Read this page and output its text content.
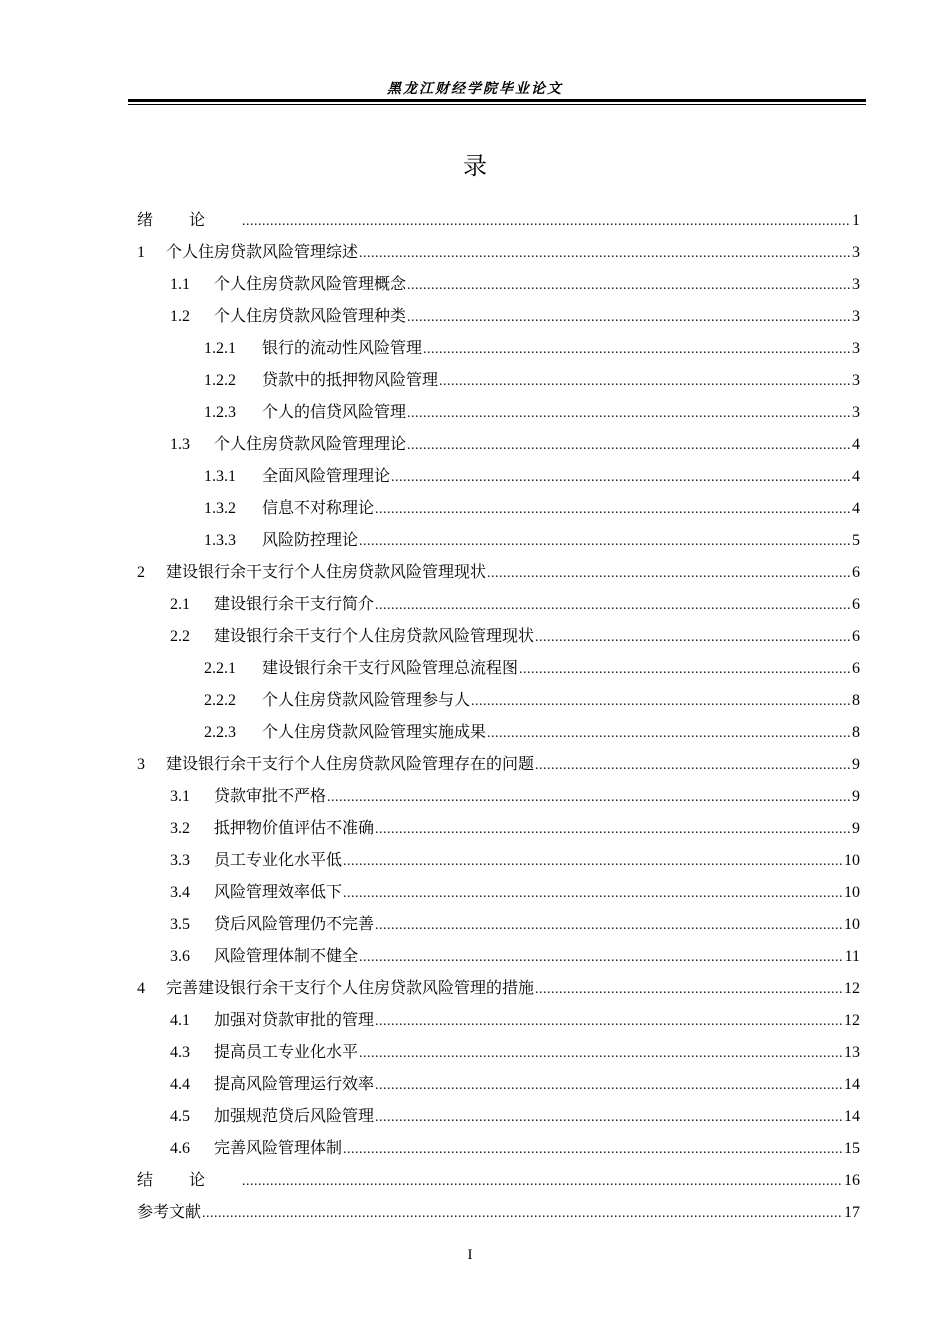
黑龙江财经学院毕业论文
录
绪论 .....	1
1	个人住房贷款风险管理综述 .....	3
1.1	个人住房贷款风险管理概念 .....	3
1.2	个人住房贷款风险管理种类 .....	3
1.2.1	银行的流动性风险管理 .....	3
1.2.2	贷款中的抵押物风险管理 .....	3
1.2.3	个人的信贷风险管理 .....	3
1.3	个人住房贷款风险管理理论 .....	4
1.3.1	全面风险管理理论 .....	4
1.3.2	信息不对称理论 .....	4
1.3.3	风险防控理论 .....	5
2	建设银行余干支行个人住房贷款风险管理现状 .....	6
2.1	建设银行余干支行简介 .....	6
2.2	建设银行余干支行个人住房贷款风险管理现状 .....	6
2.2.1	建设银行余干支行风险管理总流程图 .....	6
2.2.2	个人住房贷款风险管理参与人 .....	8
2.2.3	个人住房贷款风险管理实施成果 .....	8
3	建设银行余干支行个人住房贷款风险管理存在的问题 .....	9
3.1	贷款审批不严格 .....	9
3.2	抵押物价值评估不准确 .....	9
3.3	员工专业化水平低 .....	10
3.4	风险管理效率低下 .....	10
3.5	贷后风险管理仍不完善 .....	10
3.6	风险管理体制不健全 .....	11
4	完善建设银行余干支行个人住房贷款风险管理的措施 .....	12
4.1	加强对贷款审批的管理 .....	12
4.3	提高员工专业化水平 .....	13
4.4	提高风险管理运行效率 .....	14
4.5	加强规范贷后风险管理 .....	14
4.6	完善风险管理体制 .....	15
结论 .....	16
参考文献 .....	17
I
